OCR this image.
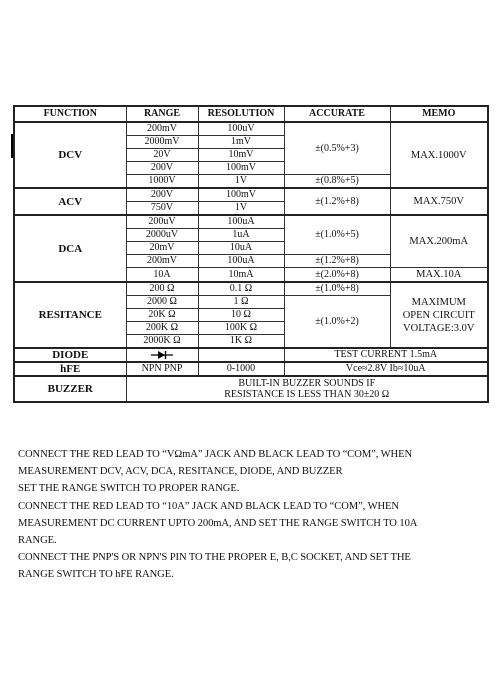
FUNCTION	RANGE	RESOLUTION	ACCURATE	MEMO
DCV	200mV	100uV	±(0.5%+3)	MAX.1000V
	2000mV	1mV		
	20V	10mV		
	200V	100mV		
	1000V	1V	±(0.8%+5)	
ACV	200V	100mV	±(1.2%+8)	MAX.750V
	750V	1V		
DCA	200uV	100uA	±(1.0%+5)	MAX.200mA
	2000uV	1uA		
	20mV	10uA		
	200mV	100uA	±(1.2%+8)	
	10A	10mA	±(2.0%+8)	MAX.10A
RESITANCE	200 Ω	0.1 Ω	±(1.0%+8)	MAXIMUM
OPEN CIRCUIT
VOLTAGE:3.0V

	2000 Ω	1 Ω	±(1.0%+2)	
	20K Ω	10 Ω		
	200K Ω	100K Ω		
	2000K Ω	1K Ω		
DIODE			TEST CURRENT 1.5mA	
hFE	NPN PNP	0-1000	Vce≈2.8V Ib≈10uA	
BUZZER	BUILT-IN BUZZER SOUNDS IF
RESISTANCE IS LESS THAN 30±20 Ω			

CONNECT THE RED LEAD TO “VΩmA” JACK AND BLACK LEAD TO “COM”, WHEN

MEASUREMENT DCV, ACV, DCA, RESITANCE, DIODE, AND BUZZER

SET THE RANGE SWITCH TO PROPER RANGE.

CONNECT THE RED LEAD TO “10A” JACK AND BLACK LEAD TO “COM”, WHEN

MEASUREMENT DC CURRENT UPTO 200mA, AND SET THE RANGE SWITCH TO 10A

RANGE.

CONNECT THE PNP'S OR NPN'S PIN TO THE PROPER E, B,C SOCKET, AND SET THE

RANGE SWITCH TO hFE RANGE.
